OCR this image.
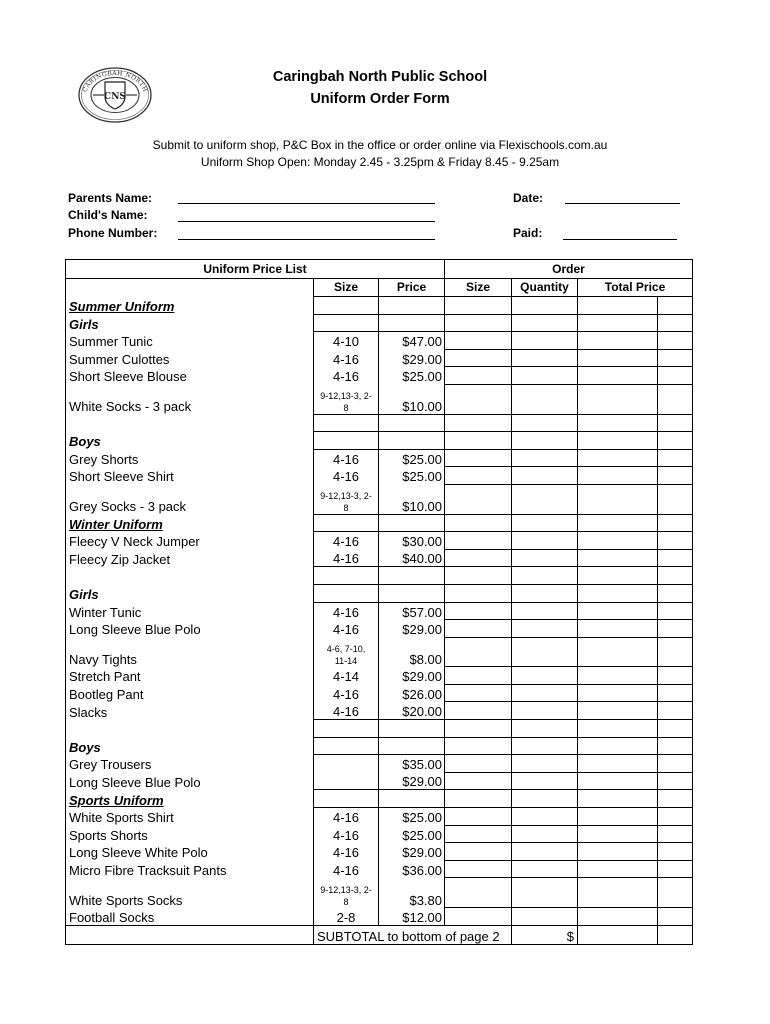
CARINGBAH NORTH
CNS
Caringbah North Public School
Uniform Order Form
Submit to uniform shop, P&C Box in the office or order online via Flexischools.com.au
Uniform Shop Open: Monday 2.45 - 3.25pm & Friday 8.45 - 9.25am
Parents Name:
Child's Name:
Phone Number:
Date:
Paid:
Uniform Price List			Order			
	Size	Price	Size	Quantity	Total Price	
Summer Uniform						
Girls						
Summer Tunic	4-10	$47.00				
Summer Culottes	4-16	$29.00				
Short Sleeve Blouse	4-16	$25.00				
White Socks - 3 pack	9-12,13-3, 2-8	$10.00				

Boys						
Grey Shorts	4-16	$25.00				
Short Sleeve Shirt	4-16	$25.00				
Grey Socks - 3 pack	9-12,13-3, 2-8	$10.00				
Winter Uniform						
Fleecy V Neck Jumper	4-16	$30.00				
Fleecy Zip Jacket	4-16	$40.00				

Girls						
Winter Tunic	4-16	$57.00				
Long Sleeve Blue Polo	4-16	$29.00				
Navy Tights	4-6, 7-10, 11-14	$8.00				
Stretch Pant	4-14	$29.00				
Bootleg Pant	4-16	$26.00				
Slacks	4-16	$20.00				

Boys						
Grey Trousers		$35.00				
Long Sleeve Blue Polo		$29.00				
Sports Uniform						
White Sports Shirt	4-16	$25.00				
Sports Shorts	4-16	$25.00				
Long Sleeve White Polo	4-16	$29.00				
Micro Fibre Tracksuit Pants	4-16	$36.00				
White Sports Socks	9-12,13-3, 2-8	$3.80				
Football Socks	2-8	$12.00				
	SUBTOTAL to bottom of page 2			$		
